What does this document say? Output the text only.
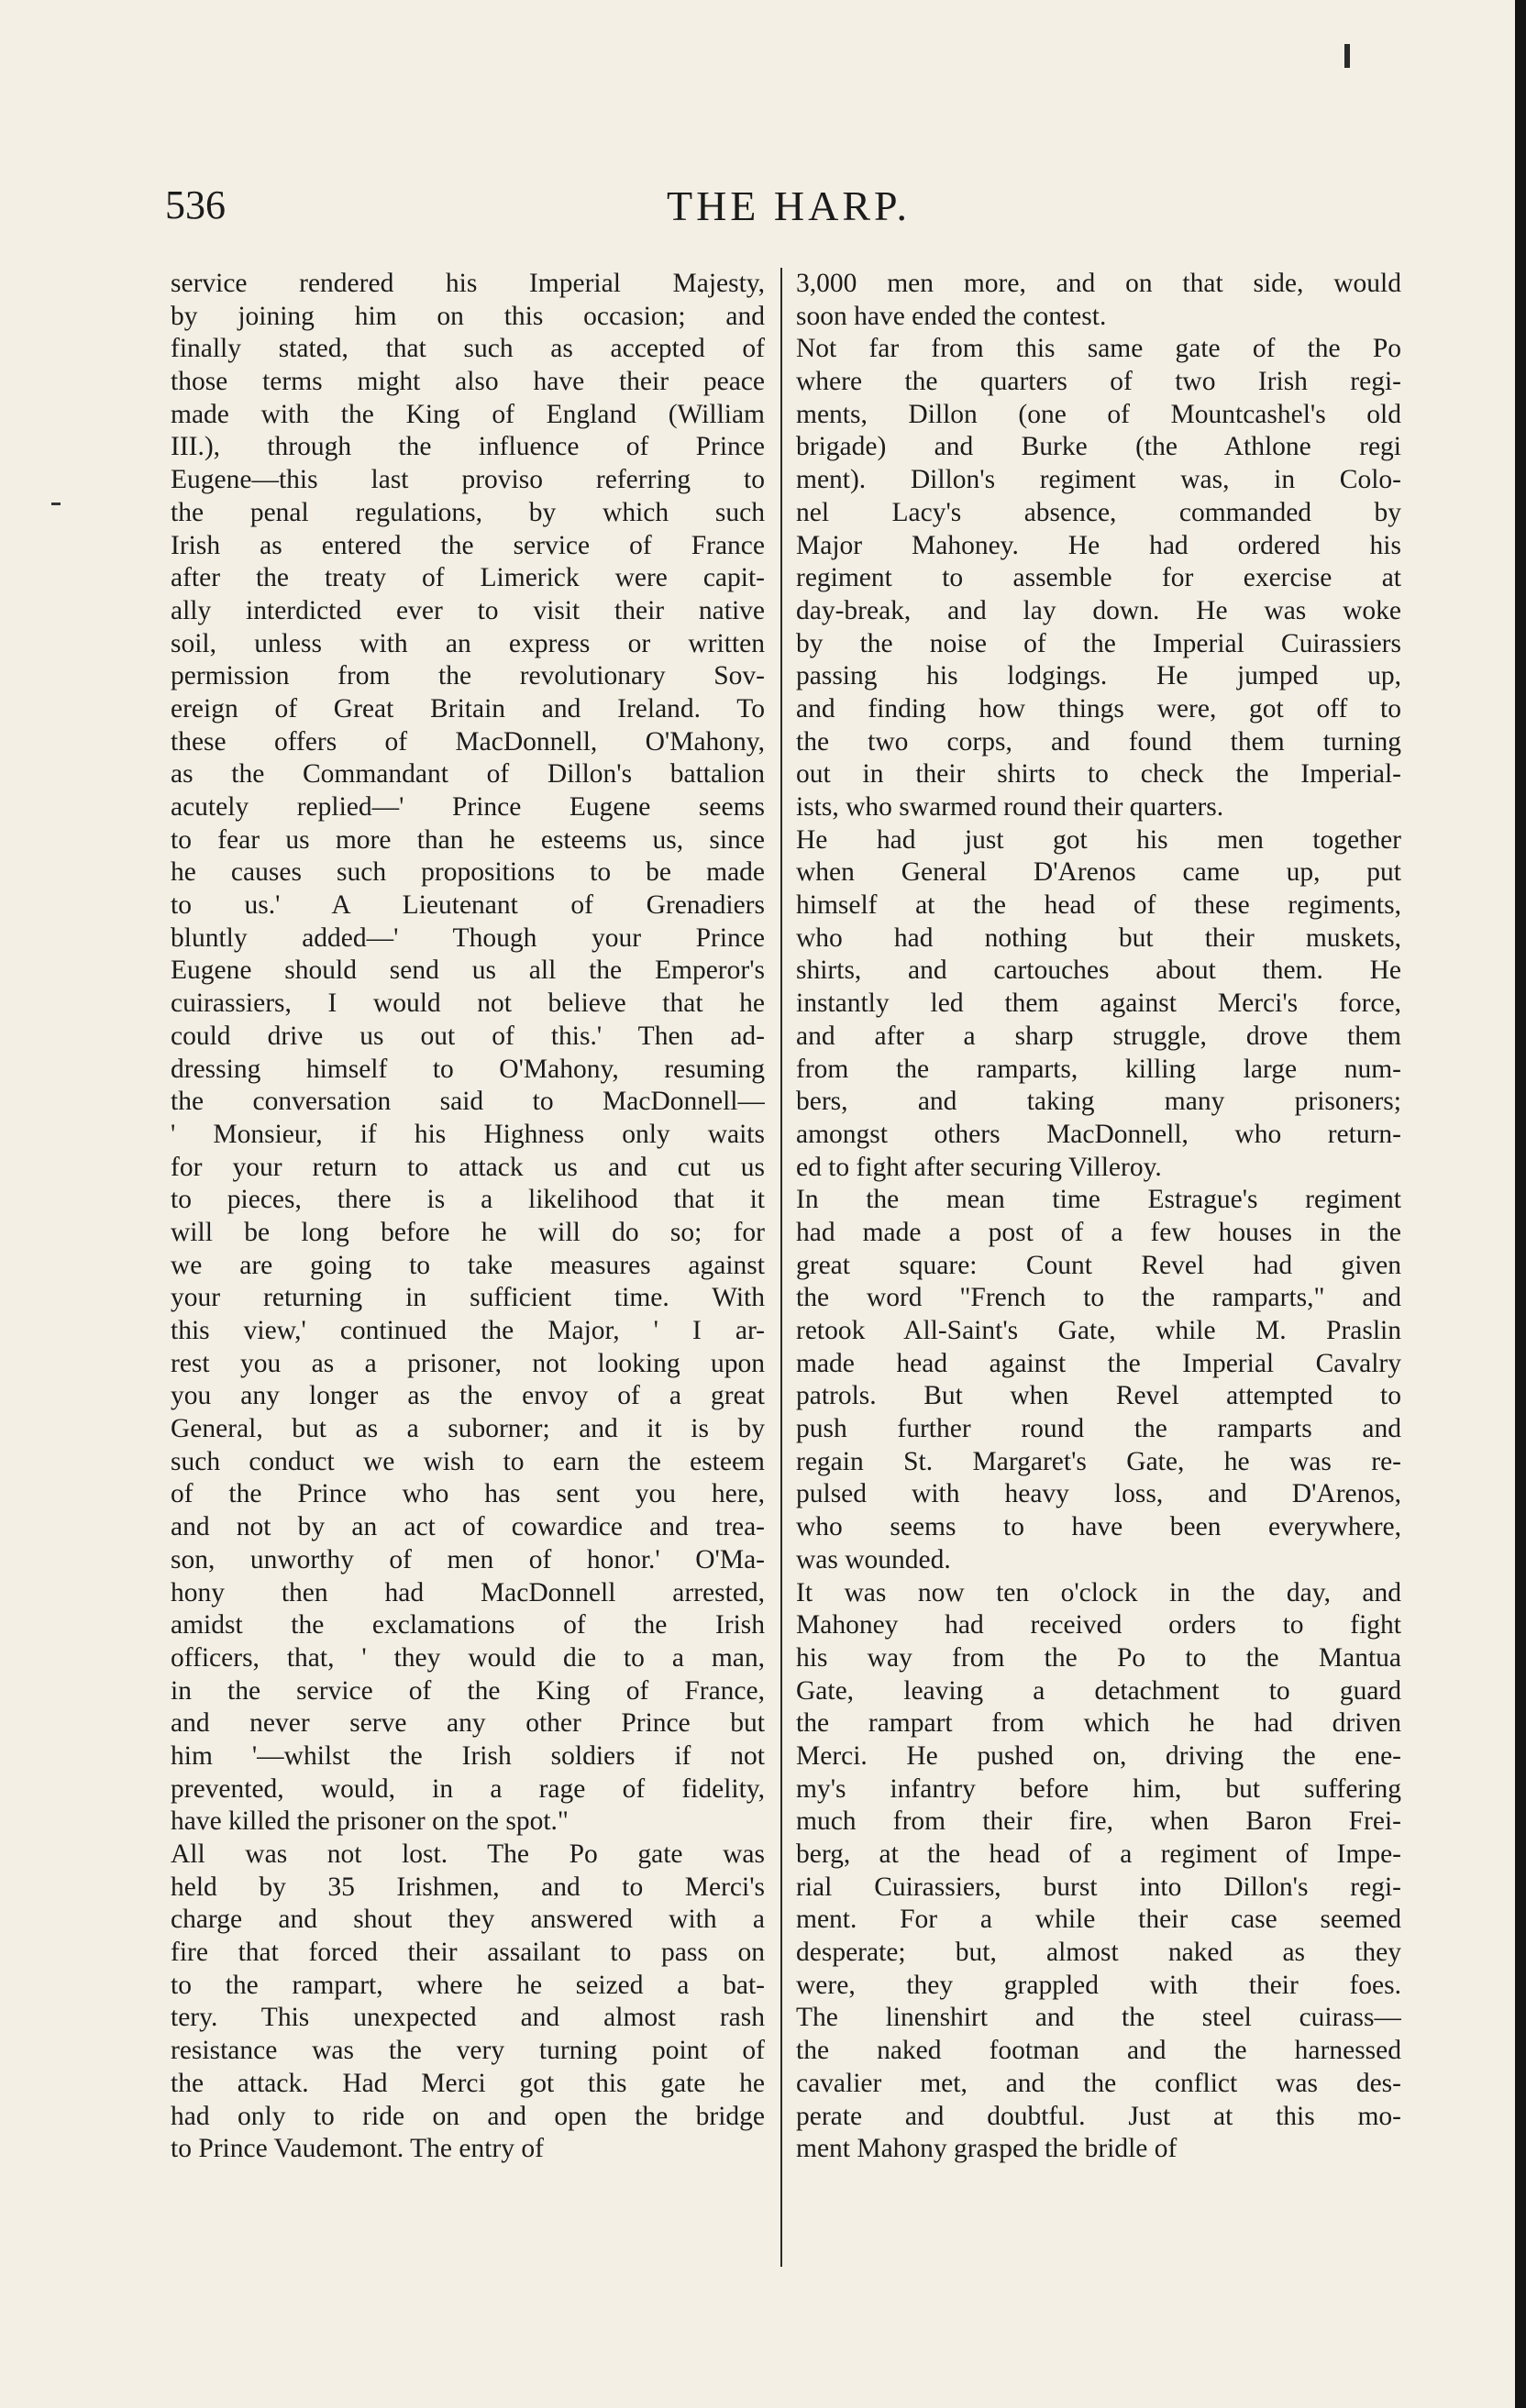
536	THE HARP.
service rendered his Imperial Majesty,
by joining him on this occasion; and
finally stated, that such as accepted of
those terms might also have their peace
made with the King of England (William
III.), through the influence of Prince
Eugene—this last proviso referring to
the penal regulations, by which such
Irish as entered the service of France
after the treaty of Limerick were capit-
ally interdicted ever to visit their native
soil, unless with an express or written
permission from the revolutionary Sov-
ereign of Great Britain and Ireland. To
these offers of MacDonnell, O'Mahony,
as the Commandant of Dillon's battalion
acutely replied—' Prince Eugene seems
to fear us more than he esteems us, since
he causes such propositions to be made
to us.' A Lieutenant of Grenadiers
bluntly added—' Though your Prince
Eugene should send us all the Emperor's
cuirassiers, I would not believe that he
could drive us out of this.' Then ad-
dressing himself to O'Mahony, resuming
the conversation said to MacDonnell—
' Monsieur, if his Highness only waits
for your return to attack us and cut us
to pieces, there is a likelihood that it
will be long before he will do so; for
we are going to take measures against
your returning in sufficient time. With
this view,' continued the Major, ' I ar-
rest you as a prisoner, not looking upon
you any longer as the envoy of a great
General, but as a suborner; and it is by
such conduct we wish to earn the esteem
of the Prince who has sent you here,
and not by an act of cowardice and trea-
son, unworthy of men of honor.' O'Ma-
hony then had MacDonnell arrested,
amidst the exclamations of the Irish
officers, that, ' they would die to a man,
in the service of the King of France,
and never serve any other Prince but
him '—whilst the Irish soldiers if not
prevented, would, in a rage of fidelity,
have killed the prisoner on the spot."
All was not lost. The Po gate was
held by 35 Irishmen, and to Merci's
charge and shout they answered with a
fire that forced their assailant to pass on
to the rampart, where he seized a bat-
tery. This unexpected and almost rash
resistance was the very turning point of
the attack. Had Merci got this gate he
had only to ride on and open the bridge
to Prince Vaudemont. The entry of
3,000 men more, and on that side, would
soon have ended the contest.
Not far from this same gate of the Po
where the quarters of two Irish regi-
ments, Dillon (one of Mountcashel's old
brigade) and Burke (the Athlone regi
ment). Dillon's regiment was, in Colo-
nel Lacy's absence, commanded by
Major Mahoney. He had ordered his
regiment to assemble for exercise at
day-break, and lay down. He was woke
by the noise of the Imperial Cuirassiers
passing his lodgings. He jumped up,
and finding how things were, got off to
the two corps, and found them turning
out in their shirts to check the Imperial-
ists, who swarmed round their quarters.
He had just got his men together
when General D'Arenos came up, put
himself at the head of these regiments,
who had nothing but their muskets,
shirts, and cartouches about them. He
instantly led them against Merci's force,
and after a sharp struggle, drove them
from the ramparts, killing large num-
bers, and taking many prisoners;
amongst others MacDonnell, who return-
ed to fight after securing Villeroy.
In the mean time Estrague's regiment
had made a post of a few houses in the
great square: Count Revel had given
the word "French to the ramparts," and
retook All-Saint's Gate, while M. Praslin
made head against the Imperial Cavalry
patrols. But when Revel attempted to
push further round the ramparts and
regain St. Margaret's Gate, he was re-
pulsed with heavy loss, and D'Arenos,
who seems to have been everywhere,
was wounded.
It was now ten o'clock in the day, and
Mahoney had received orders to fight
his way from the Po to the Mantua
Gate, leaving a detachment to guard
the rampart from which he had driven
Merci. He pushed on, driving the ene-
my's infantry before him, but suffering
much from their fire, when Baron Frei-
berg, at the head of a regiment of Impe-
rial Cuirassiers, burst into Dillon's regi-
ment. For a while their case seemed
desperate; but, almost naked as they
were, they grappled with their foes.
The linenshirt and the steel cuirass—
the naked footman and the harnessed
cavalier met, and the conflict was des-
perate and doubtful. Just at this mo-
ment Mahony grasped the bridle of
